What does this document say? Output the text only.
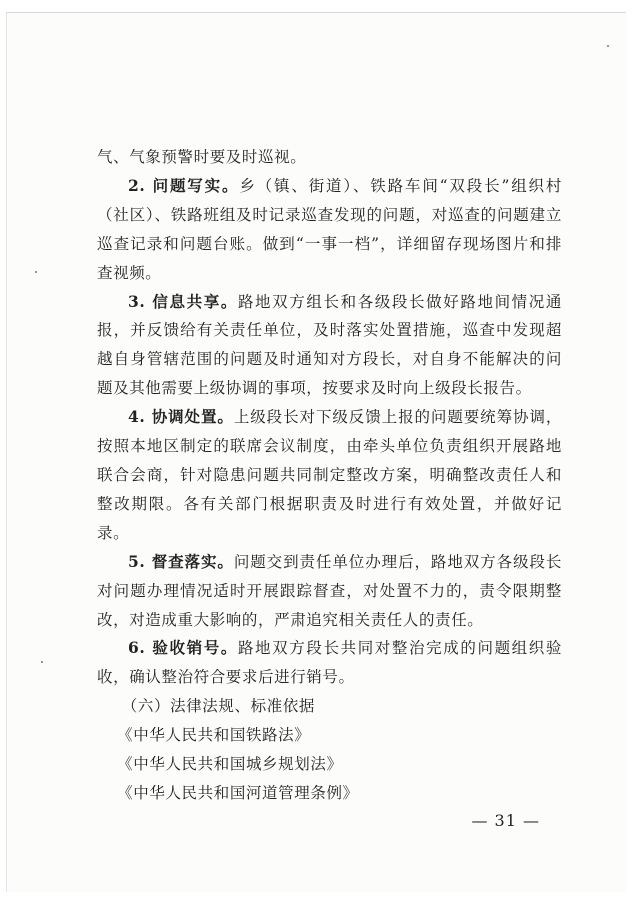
气、气象预警时要及时巡视。

2. 问题写实。乡（镇、街道）、铁路车间“双段长”组织村（社区）、铁路班组及时记录巡查发现的问题，对巡查的问题建立巡查记录和问题台账。做到“一事一档”，详细留存现场图片和排查视频。

3. 信息共享。路地双方组长和各级段长做好路地间情况通报，并反馈给有关责任单位，及时落实处置措施，巡查中发现超越自身管辖范围的问题及时通知对方段长，对自身不能解决的问题及其他需要上级协调的事项，按要求及时向上级段长报告。

4. 协调处置。上级段长对下级反馈上报的问题要统筹协调，按照本地区制定的联席会议制度，由牵头单位负责组织开展路地联合会商，针对隐患问题共同制定整改方案，明确整改责任人和整改期限。各有关部门根据职责及时进行有效处置，并做好记录。

5. 督查落实。问题交到责任单位办理后，路地双方各级段长对问题办理情况适时开展跟踪督查，对处置不力的，责令限期整改，对造成重大影响的，严肃追究相关责任人的责任。

6. 验收销号。路地双方段长共同对整治完成的问题组织验收，确认整治符合要求后进行销号。

（六）法律法规、标准依据

《中华人民共和国铁路法》

《中华人民共和国城乡规划法》

《中华人民共和国河道管理条例》

— 31 —
